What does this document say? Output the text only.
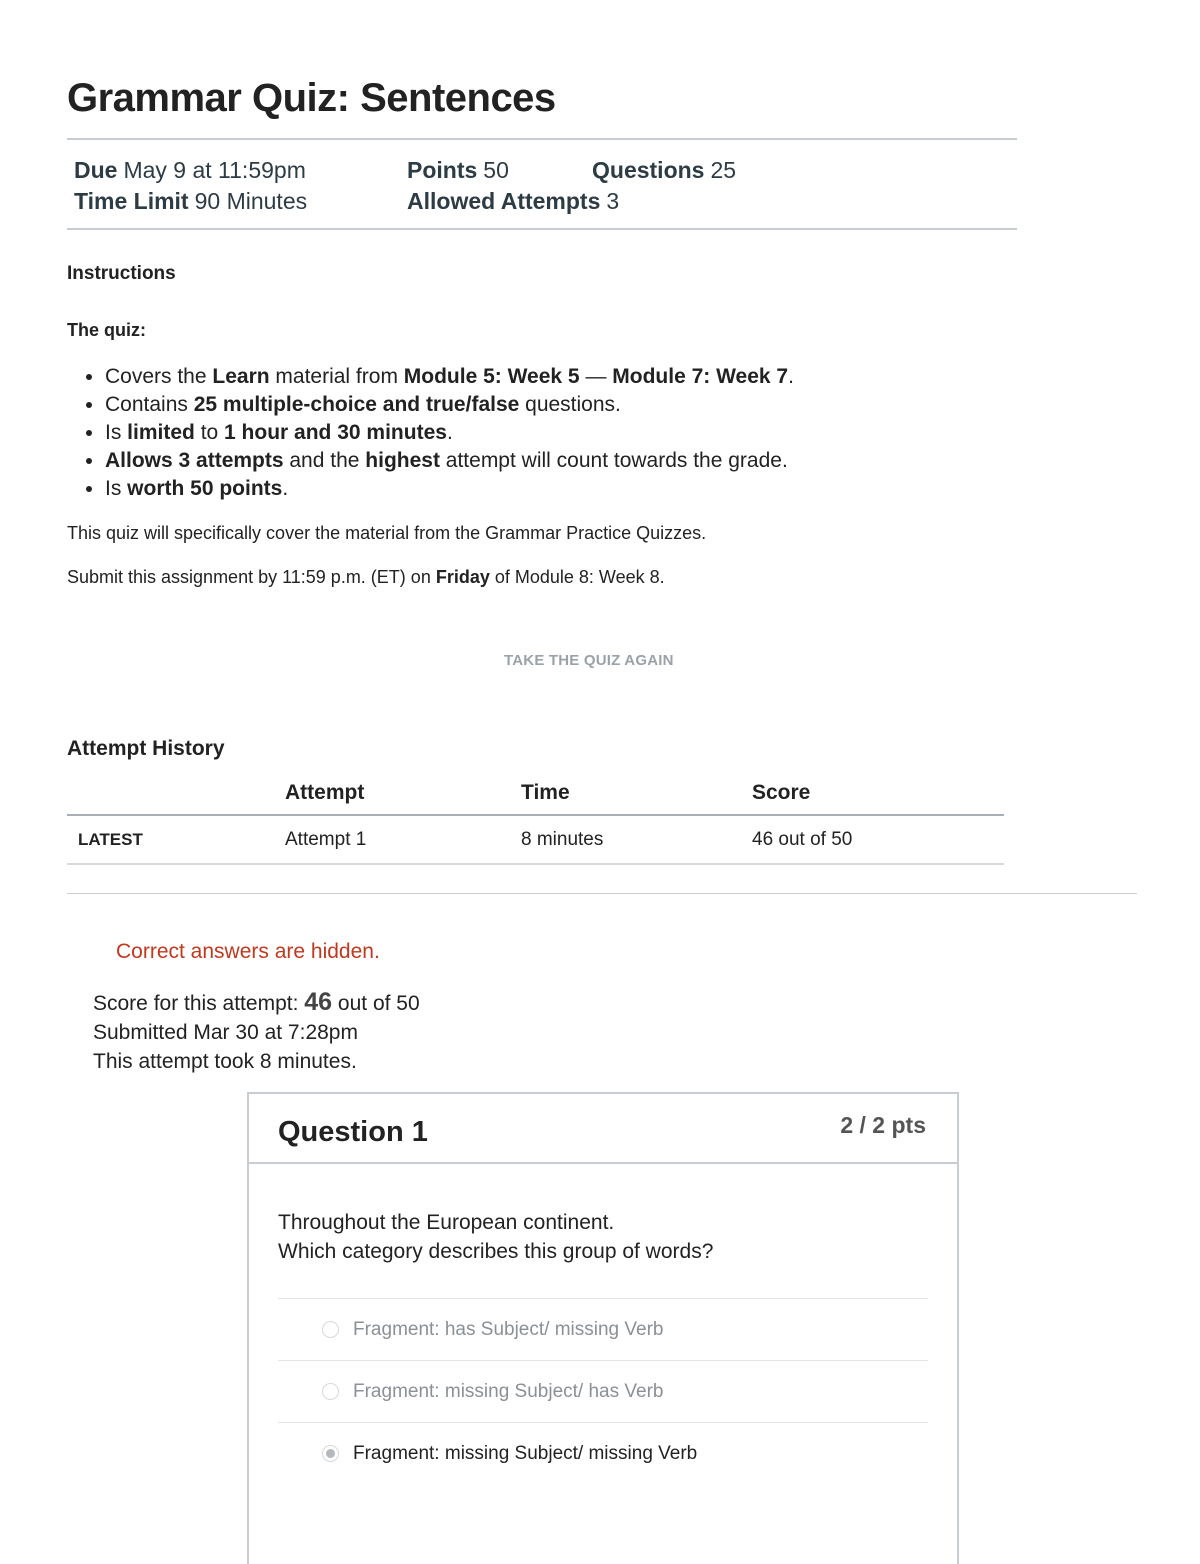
Grammar Quiz: Sentences
Due May 9 at 11:59pm	Points 50	Questions 25
Time Limit 90 Minutes	Allowed Attempts 3
Instructions
The quiz:
• Covers the Learn material from Module 5: Week 5 — Module 7: Week 7.
• Contains 25 multiple-choice and true/false questions.
• Is limited to 1 hour and 30 minutes.
• Allows 3 attempts and the highest attempt will count towards the grade.
• Is worth 50 points.
This quiz will specifically cover the material from the Grammar Practice Quizzes.
Submit this assignment by 11:59 p.m. (ET) on Friday of Module 8: Week 8.
TAKE THE QUIZ AGAIN
Attempt History
	Attempt	Time	Score
LATEST	Attempt 1	8 minutes	46 out of 50
Correct answers are hidden.
Score for this attempt: 46 out of 50
Submitted Mar 30 at 7:28pm
This attempt took 8 minutes.
Question 1	2 / 2 pts
Throughout the European continent.
Which category describes this group of words?
Fragment: has Subject/ missing Verb
Fragment: missing Subject/ has Verb
Fragment: missing Subject/ missing Verb
